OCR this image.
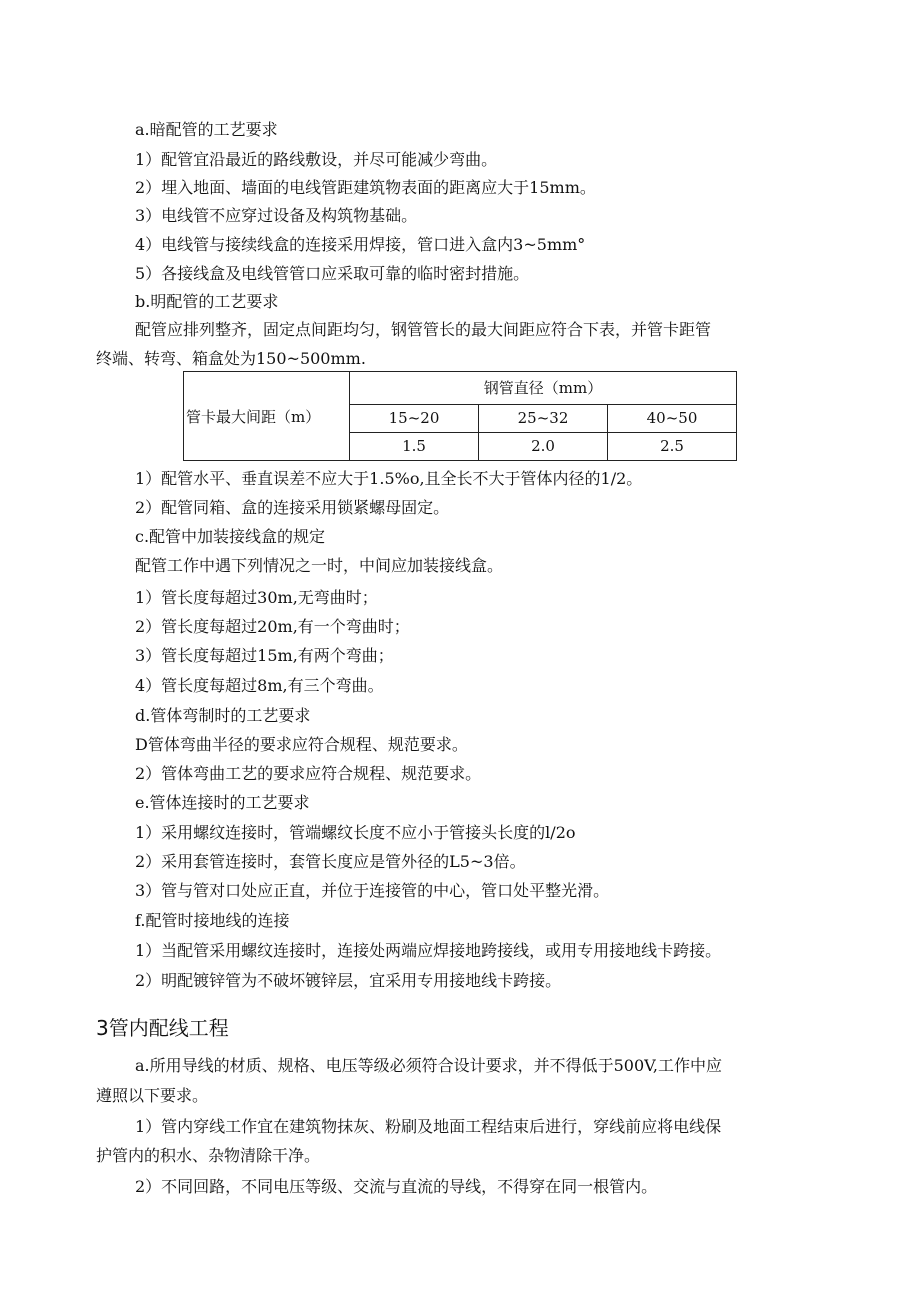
a.暗配管的工艺要求
1）配管宜沿最近的路线敷设，并尽可能减少弯曲。
2）埋入地面、墙面的电线管距建筑物表面的距离应大于15mm。
3）电线管不应穿过设备及构筑物基础。
4）电线管与接续线盒的连接采用焊接，管口进入盒内3~5mm°
5）各接线盒及电线管管口应采取可靠的临时密封措施。
b.明配管的工艺要求
配管应排列整齐，固定点间距均匀，钢管管长的最大间距应符合下表，并管卡距管
终端、转弯、箱盒处为150~500mm.
管卡最大间距（m）	钢管直径（mm）		
	15~20	25~32	40~50
	1.5	2.0	2.5
1）配管水平、垂直误差不应大于1.5%o,且全长不大于管体内径的1/2。
2）配管同箱、盒的连接采用锁紧螺母固定。
c.配管中加装接线盒的规定
配管工作中遇下列情况之一时，中间应加装接线盒。
1）管长度每超过30m,无弯曲时；
2）管长度每超过20m,有一个弯曲时；
3）管长度每超过15m,有两个弯曲；
4）管长度每超过8m,有三个弯曲。
d.管体弯制时的工艺要求
D管体弯曲半径的要求应符合规程、规范要求。
2）管体弯曲工艺的要求应符合规程、规范要求。
e.管体连接时的工艺要求
1）采用螺纹连接时，管端螺纹长度不应小于管接头长度的l/2o
2）采用套管连接时，套管长度应是管外径的L5~3倍。
3）管与管对口处应正直，并位于连接管的中心，管口处平整光滑。
f.配管时接地线的连接
1）当配管采用螺纹连接时，连接处两端应焊接地跨接线，或用专用接地线卡跨接。
2）明配镀锌管为不破坏镀锌层，宜采用专用接地线卡跨接。
3管内配线工程
a.所用导线的材质、规格、电压等级必须符合设计要求，并不得低于500V,工作中应
遵照以下要求。
1）管内穿线工作宜在建筑物抹灰、粉刷及地面工程结束后进行，穿线前应将电线保
护管内的积水、杂物清除干净。
2）不同回路，不同电压等级、交流与直流的导线，不得穿在同一根管内。
